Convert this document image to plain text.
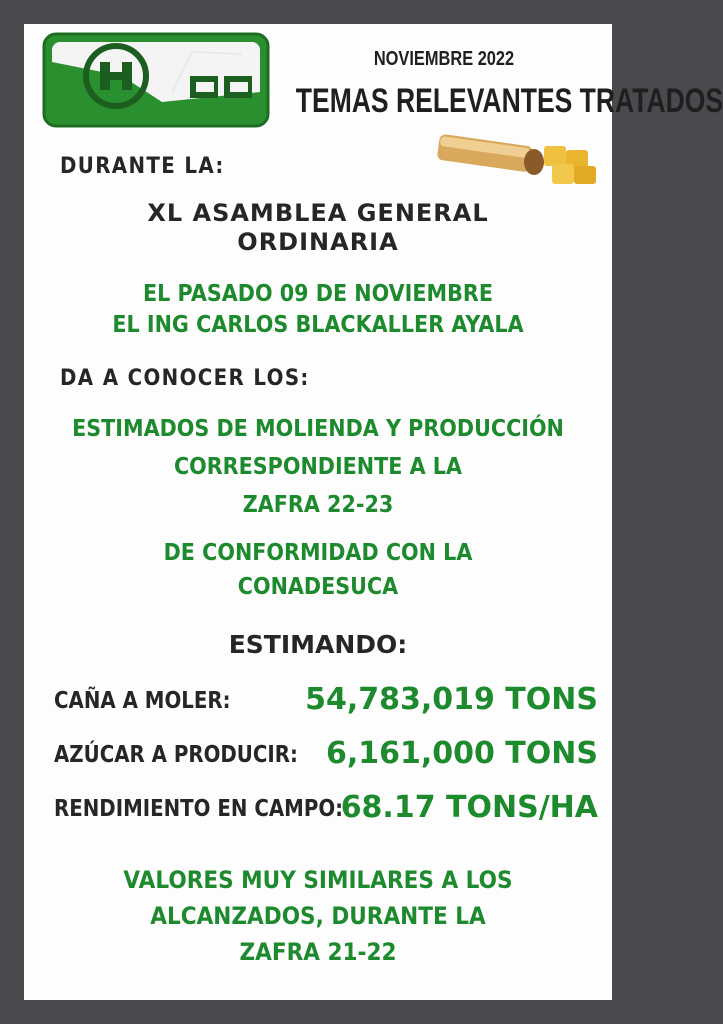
NOVIEMBRE 2022
TEMAS RELEVANTES TRATADOS
DURANTE LA:
XL ASAMBLEA GENERAL
ORDINARIA
EL PASADO 09 DE NOVIEMBRE
EL ING CARLOS BLACKALLER AYALA
DA A CONOCER LOS:
ESTIMADOS DE MOLIENDA Y PRODUCCIÓN
CORRESPONDIENTE A LA
ZAFRA 22-23
DE CONFORMIDAD CON LA
CONADESUCA
ESTIMANDO:
CAÑA A MOLER: 54,783,019 TONS
AZÚCAR A PRODUCIR: 6,161,000 TONS
RENDIMIENTO EN CAMPO:
68.17 TONS/HA
VALORES MUY SIMILARES A LOS
ALCANZADOS, DURANTE LA
ZAFRA 21-22
